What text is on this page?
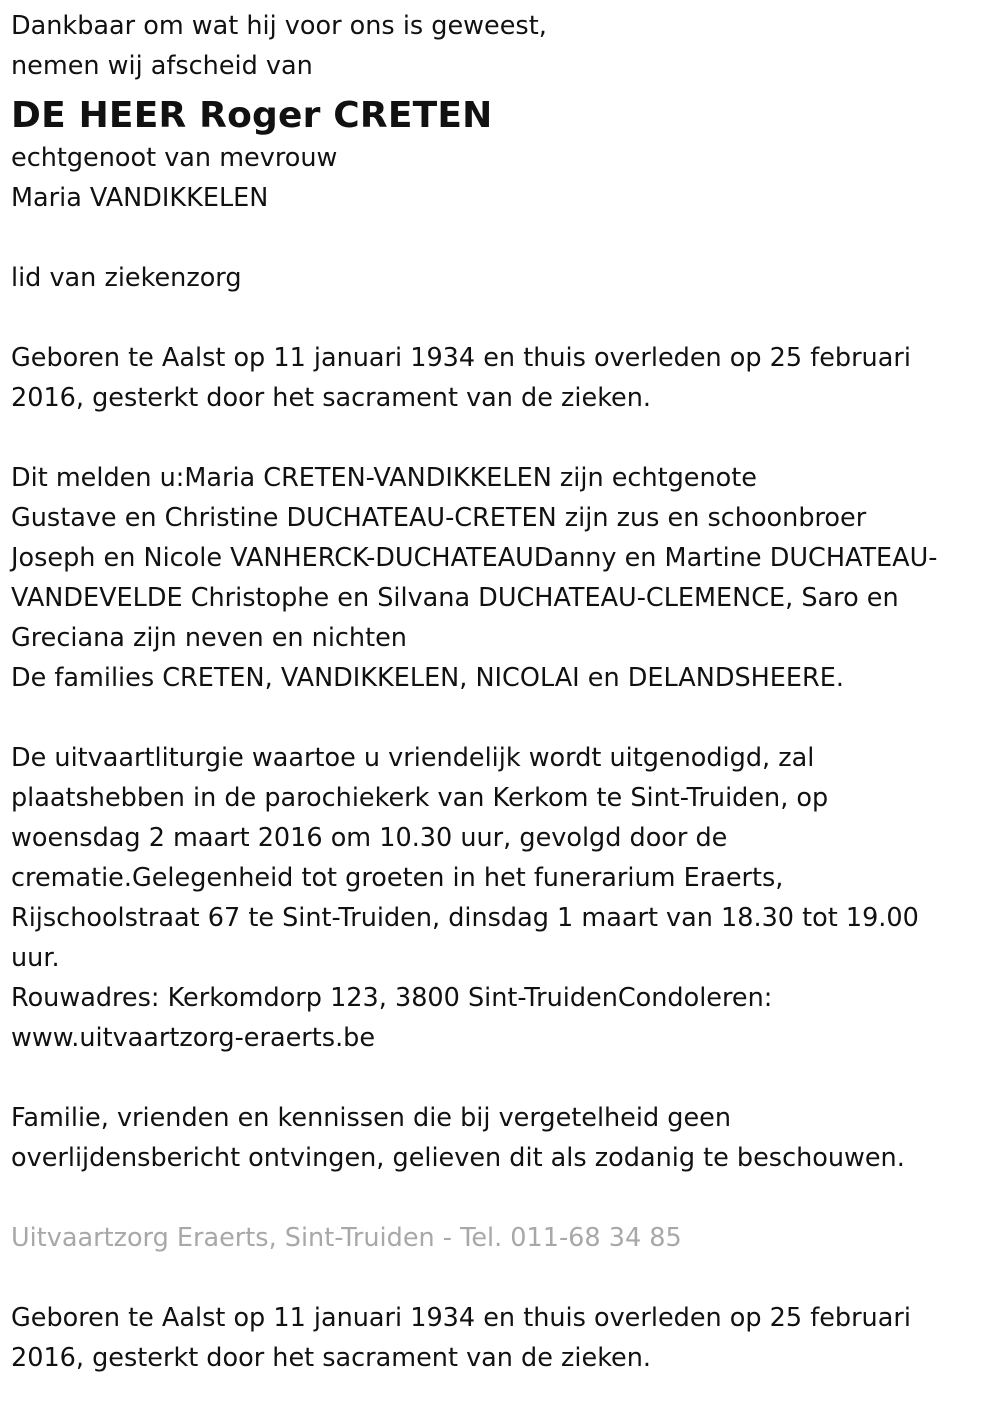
Dankbaar om wat hij voor ons is geweest,
nemen wij afscheid van
DE HEER Roger CRETEN
echtgenoot van mevrouw
Maria VANDIKKELEN
lid van ziekenzorg
Geboren te Aalst op 11 januari 1934 en thuis overleden op 25 februari
2016, gesterkt door het sacrament van de zieken.
Dit melden u:Maria CRETEN-VANDIKKELEN zijn echtgenote
Gustave en Christine DUCHATEAU-CRETEN zijn zus en schoonbroer
Joseph en Nicole VANHERCK-DUCHATEAUDanny en Martine DUCHATEAU-
VANDEVELDE Christophe en Silvana DUCHATEAU-CLEMENCE, Saro en
Greciana zijn neven en nichten
De families CRETEN, VANDIKKELEN, NICOLAI en DELANDSHEERE.
De uitvaartliturgie waartoe u vriendelijk wordt uitgenodigd, zal
plaatshebben in de parochiekerk van Kerkom te Sint-Truiden, op
woensdag 2 maart 2016 om 10.30 uur, gevolgd door de
crematie.Gelegenheid tot groeten in het funerarium Eraerts,
Rijschoolstraat 67 te Sint-Truiden, dinsdag 1 maart van 18.30 tot 19.00
uur.
Rouwadres: Kerkomdorp 123, 3800 Sint-TruidenCondoleren:
www.uitvaartzorg-eraerts.be
Familie, vrienden en kennissen die bij vergetelheid geen
overlijdensbericht ontvingen, gelieven dit als zodanig te beschouwen.
Uitvaartzorg Eraerts, Sint-Truiden - Tel. 011-68 34 85
Geboren te Aalst op 11 januari 1934 en thuis overleden op 25 februari
2016, gesterkt door het sacrament van de zieken.
